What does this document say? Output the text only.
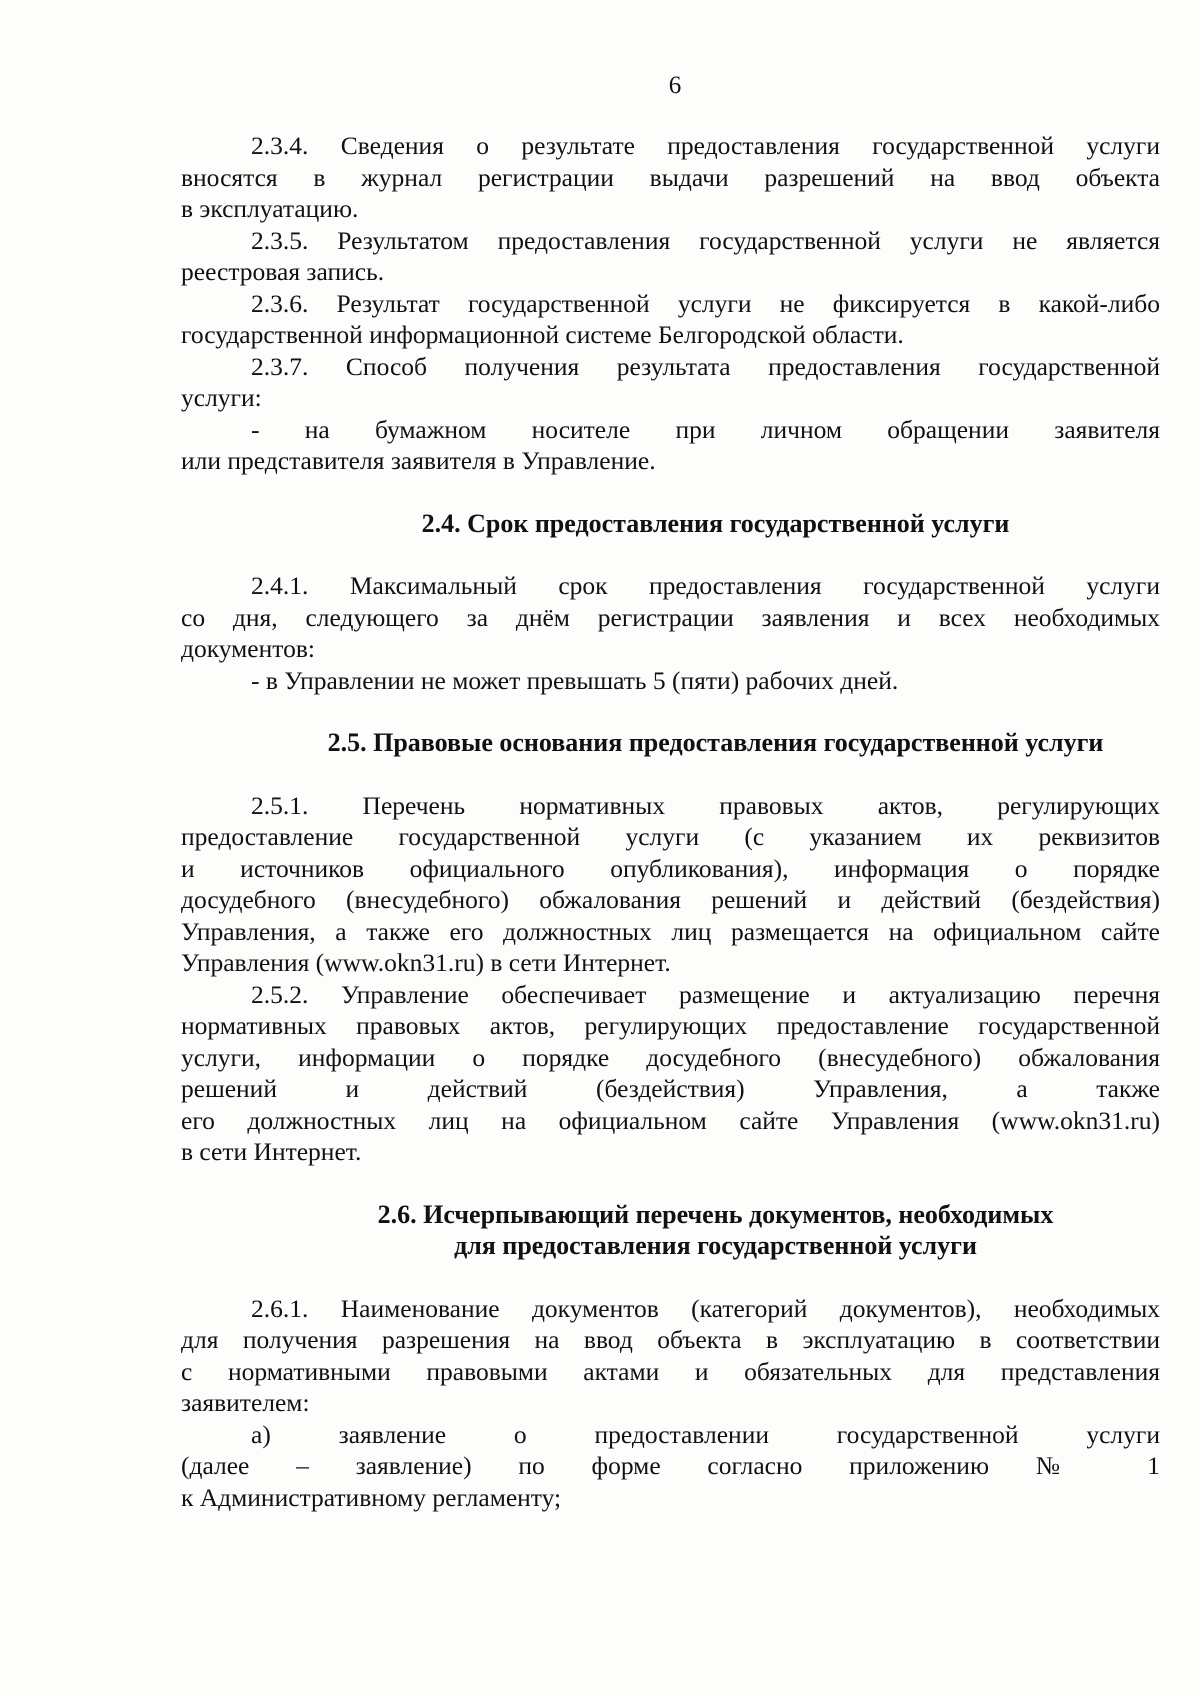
6

2.3.4. Сведения о результате предоставления государственной услуги

вносятся в журнал регистрации выдачи разрешений на ввод объекта

в эксплуатацию.

2.3.5. Результатом предоставления государственной услуги не является

реестровая запись.

2.3.6. Результат государственной услуги не фиксируется в какой-либо

государственной информационной системе Белгородской области.

2.3.7. Способ получения результата предоставления государственной

услуги:

- на бумажном носителе при личном обращении заявителя

или представителя заявителя в Управление.

2.4. Срок предоставления государственной услуги

2.4.1. Максимальный срок предоставления государственной услуги

со дня, следующего за днём регистрации заявления и всех необходимых

документов:

- в Управлении не может превышать 5 (пяти) рабочих дней.

2.5. Правовые основания предоставления государственной услуги

2.5.1. Перечень нормативных правовых актов, регулирующих

предоставление государственной услуги (с указанием их реквизитов

и источников официального опубликования), информация о порядке

досудебного (внесудебного) обжалования решений и действий (бездействия)

Управления, а также его должностных лиц размещается на официальном сайте

Управления (www.okn31.ru) в сети Интернет.

2.5.2. Управление обеспечивает размещение и актуализацию перечня

нормативных правовых актов, регулирующих предоставление государственной

услуги, информации о порядке досудебного (внесудебного) обжалования

решений и действий (бездействия) Управления, а также

его должностных лиц на официальном сайте Управления (www.okn31.ru)

в сети Интернет.

2.6. Исчерпывающий перечень документов, необходимых

для предоставления государственной услуги

2.6.1. Наименование документов (категорий документов), необходимых

для получения разрешения на ввод объекта в эксплуатацию в соответствии

с нормативными правовыми актами и обязательных для представления

заявителем:

а) заявление о предоставлении государственной услуги

(далее – заявление) по форме согласно приложению № 1

к Административному регламенту;
